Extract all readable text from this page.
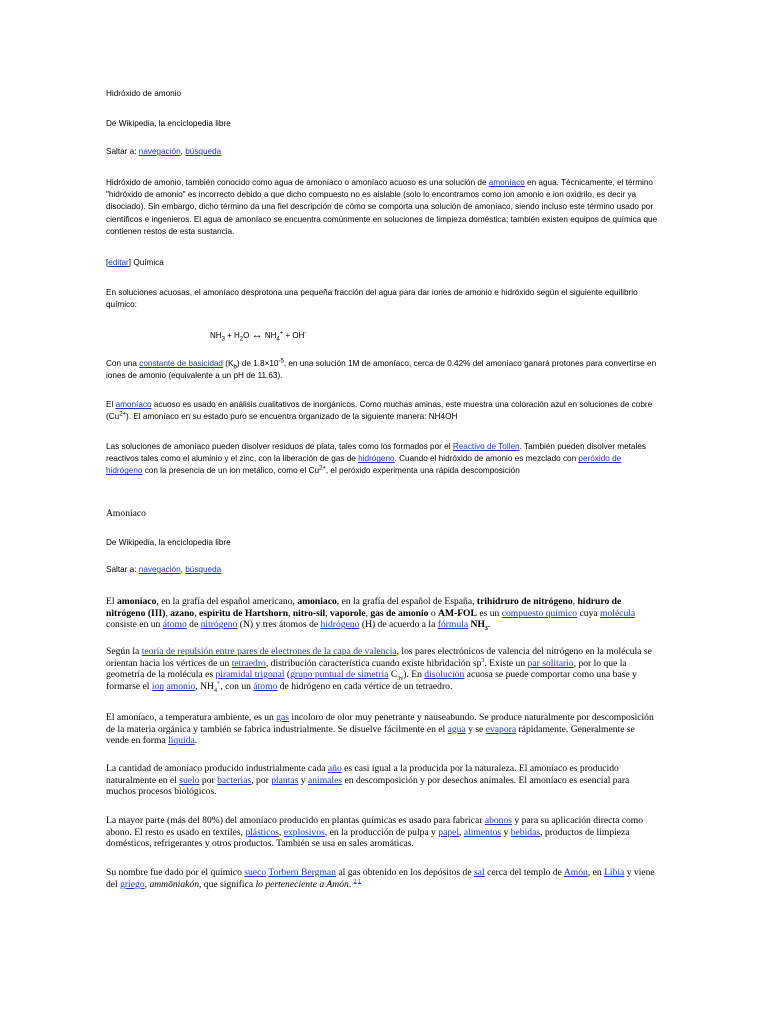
Hidróxido de amonio

De Wikipedia, la enciclopedia libre

Saltar a: navegación, búsqueda

Hidróxido de amonio, también conocido como agua de amoníaco o amoníaco acuoso es una solución de amoníaco en agua. Técnicamente, el término "hidróxido de amonio" es incorrecto debido a que dicho compuesto no es aislable (solo lo encontramos como ion amonio e ion oxidrilo, es decir ya disociado). Sin embargo, dicho término da una fiel descripción de cómo se comporta una solución de amoníaco, siendo incluso este término usado por científicos e ingenieros. El agua de amoníaco se encuentra comúnmente en soluciones de limpieza doméstica; también existen equipos de química que contienen restos de esta sustancia.

[editar] Química

En soluciones acuosas, el amoníaco desprotona una pequeña fracción del agua para dar iones de amonio e hidróxido según el siguiente equilibrio químico:

$NH_3 + H_2O$ ↔ $NH_4^+ + OH^-$

Con una constante de basicidad $(K_b)$ de $1.8\times 10^{-5}$, en una solución 1M de amoníaco, cerca de 0.42% del amoníaco ganará protones para convertirse en iones de amonio (equivalente a un pH de 11.63).

El amoníaco acuoso es usado en análisis cualitativos de inorgánicos. Como muchas aminas, este muestra una coloración azul en soluciones de cobre $(Cu^{2+})$. El amoníaco en su estado puro se encuentra organizado de la siguiente manera: NH4OH

Las soluciones de amoníaco pueden disolver residuos de plata, tales como los formados por el Reactivo de Tollen. También pueden disolver metales reactivos tales como el aluminio y el zinc, con la liberación de gas de hidrógeno. Cuando el hidróxido de amonio es mezclado con peróxido de hidrógeno con la presencia de un ion metálico, como el $Cu^{2+}$, el peróxido experimenta una rápida descomposición

Amoníaco

De Wikipedia, la enciclopedia libre

Saltar a: navegación, búsqueda

El amoníaco, en la grafía del español americano, amoniaco, en la grafía del español de España, trihidruro de nitrógeno, hidruro de nitrógeno (III), azano, espíritu de Hartshorn, nitro-sil, vaporole, gas de amonio o AM-FOL es un compuesto químico cuya molécula consiste en un átomo de nitrógeno (N) y tres átomos de hidrógeno (H) de acuerdo a la fórmula $NH_3$.

Según la teoría de repulsión entre pares de electrones de la capa de valencia, los pares electrónicos de valencia del nitrógeno en la molécula se orientan hacia los vértices de un tetraedro, distribución característica cuando existe hibridación $sp^3$. Existe un par solitario, por lo que la geometría de la molécula es piramidal trigonal (grupo puntual de simetría $C_{3v}$). En disolución acuosa se puede comportar como una base y formarse el ion amonio, $NH_4^+$, con un átomo de hidrógeno en cada vértice de un tetraedro.

El amoníaco, a temperatura ambiente, es un gas incoloro de olor muy penetrante y nauseabundo. Se produce naturalmente por descomposición de la materia orgánica y también se fabrica industrialmente. Se disuelve fácilmente en el agua y se evapora rápidamente. Generalmente se vende en forma líquida.

La cantidad de amoníaco producido industrialmente cada año es casi igual a la producida por la naturaleza. El amoníaco es producido naturalmente en el suelo por bacterias, por plantas y animales en descomposición y por desechos animales. El amoníaco es esencial para muchos procesos biológicos.

La mayor parte (más del 80%) del amoníaco producido en plantas químicas es usado para fabricar abonos y para su aplicación directa como abono. El resto es usado en textiles, plásticos, explosivos, en la producción de pulpa y papel, alimentos y bebidas, productos de limpieza domésticos, refrigerantes y otros productos. También se usa en sales aromáticas.

Su nombre fue dado por el químico sueco Torbern Bergman al gas obtenido en los depósitos de sal cerca del templo de Amón, en Libia y viene del griego, ammōniakón, que significa lo perteneciente a Amón. $^{2 1}$
